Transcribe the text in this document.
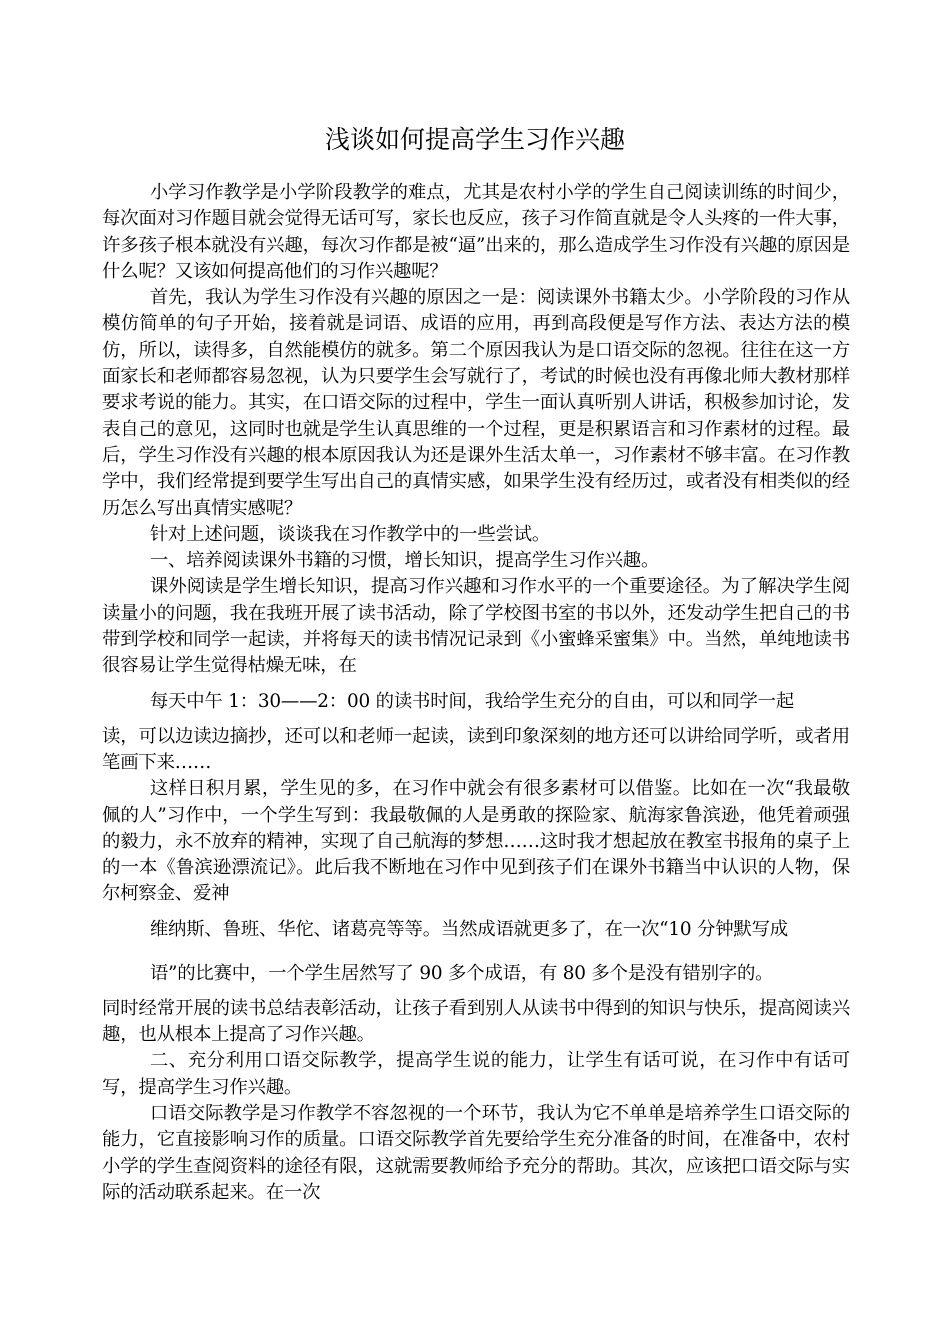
浅谈如何提高学生习作兴趣

小学习作教学是小学阶段教学的难点，尤其是农村小学的学生自己阅读训练的时间少，每次面对习作题目就会觉得无话可写，家长也反应，孩子习作简直就是令人头疼的一件大事，许多孩子根本就没有兴趣，每次习作都是被“逼”出来的，那么造成学生习作没有兴趣的原因是什么呢？又该如何提高他们的习作兴趣呢？

首先，我认为学生习作没有兴趣的原因之一是：阅读课外书籍太少。小学阶段的习作从模仿简单的句子开始，接着就是词语、成语的应用，再到高段便是写作方法、表达方法的模仿，所以，读得多，自然能模仿的就多。第二个原因我认为是口语交际的忽视。往往在这一方面家长和老师都容易忽视，认为只要学生会写就行了，考试的时候也没有再像北师大教材那样要求考说的能力。其实，在口语交际的过程中，学生一面认真听别人讲话，积极参加讨论，发表自己的意见，这同时也就是学生认真思维的一个过程，更是积累语言和习作素材的过程。最后，学生习作没有兴趣的根本原因我认为还是课外生活太单一，习作素材不够丰富。在习作教学中，我们经常提到要学生写出自己的真情实感，如果学生没有经历过，或者没有相类似的经历怎么写出真情实感呢？

针对上述问题，谈谈我在习作教学中的一些尝试。

一、培养阅读课外书籍的习惯，增长知识，提高学生习作兴趣。

课外阅读是学生增长知识，提高习作兴趣和习作水平的一个重要途径。为了解决学生阅读量小的问题，我在我班开展了读书活动，除了学校图书室的书以外，还发动学生把自己的书带到学校和同学一起读，并将每天的读书情况记录到《小蜜蜂采蜜集》中。当然，单纯地读书很容易让学生觉得枯燥无味，在
每天中午 1：30——2：00 的读书时间，我给学生充分的自由，可以和同学一起
读，可以边读边摘抄，还可以和老师一起读，读到印象深刻的地方还可以讲给同学听，或者用笔画下来……

这样日积月累，学生见的多，在习作中就会有很多素材可以借鉴。比如在一次“我最敬佩的人”习作中，一个学生写到：我最敬佩的人是勇敢的探险家、航海家鲁滨逊，他凭着顽强的毅力，永不放弃的精神，实现了自己航海的梦想……这时我才想起放在教室书报角的桌子上的一本《鲁滨逊漂流记》。此后我不断地在习作中见到孩子们在课外书籍当中认识的人物，保尔柯察金、爱神
维纳斯、鲁班、华佗、诸葛亮等等。当然成语就更多了，在一次“10 分钟默写成
语”的比赛中，一个学生居然写了 90 多个成语，有 80 多个是没有错别字的。
同时经常开展的读书总结表彰活动，让孩子看到别人从读书中得到的知识与快乐，提高阅读兴趣，也从根本上提高了习作兴趣。

二、充分利用口语交际教学，提高学生说的能力，让学生有话可说，在习作中有话可写，提高学生习作兴趣。

口语交际教学是习作教学不容忽视的一个环节，我认为它不单单是培养学生口语交际的能力，它直接影响习作的质量。口语交际教学首先要给学生充分准备的时间，在准备中，农村小学的学生查阅资料的途径有限，这就需要教师给予充分的帮助。其次，应该把口语交际与实际的活动联系起来。在一次
